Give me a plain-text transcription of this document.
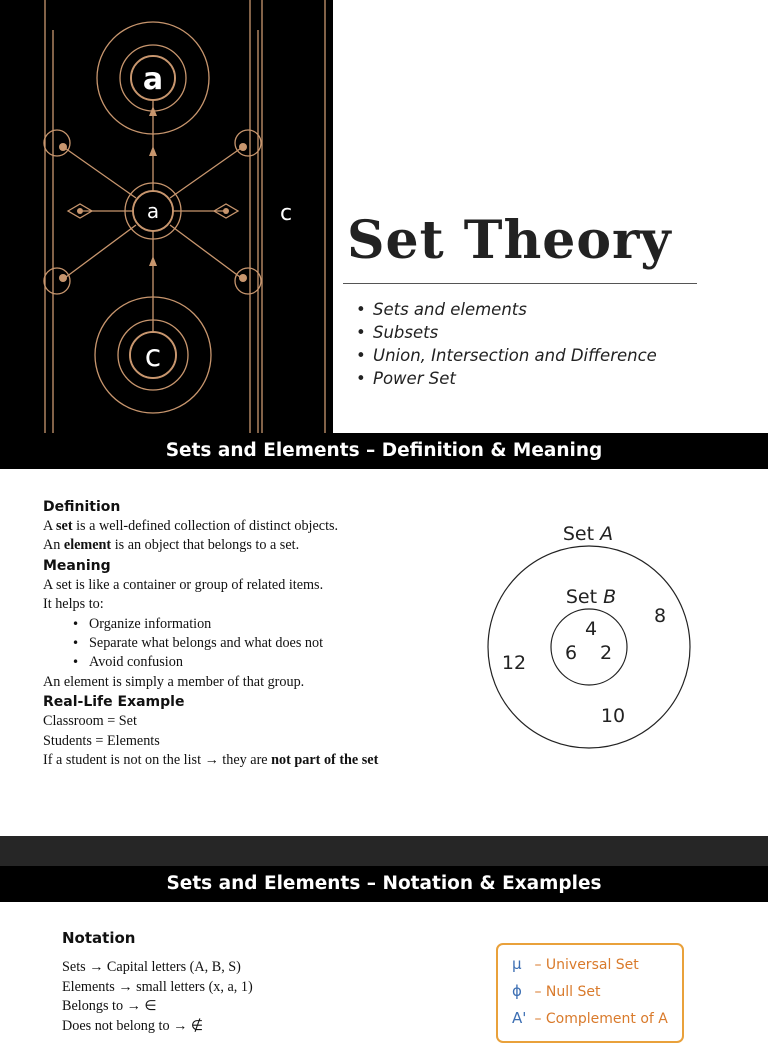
a
a	c
c
Set Theory
• Sets and elements
• Subsets
• Union, Intersection and Difference
• Power Set
Sets and Elements – Definition & Meaning
Definition
A set is a well-defined collection of distinct objects.
An element is an object that belongs to a set.
Meaning
A set is like a container or group of related items.
It helps to:
• Organize information
• Separate what belongs and what does not
• Avoid confusion
An element is simply a member of that group.
Real-Life Example
Classroom = Set
Students = Elements
If a student is not on the list → they are not part of the set
Set A
Set B
8
12
10
4
6 2
Sets and Elements – Notation & Examples
Notation
Sets → Capital letters (A, B, S)
Elements → small letters (x, a, 1)
Belongs to → ∈
Does not belong to → ∉
μ – Universal Set
ϕ – Null Set
A' – Complement of A
